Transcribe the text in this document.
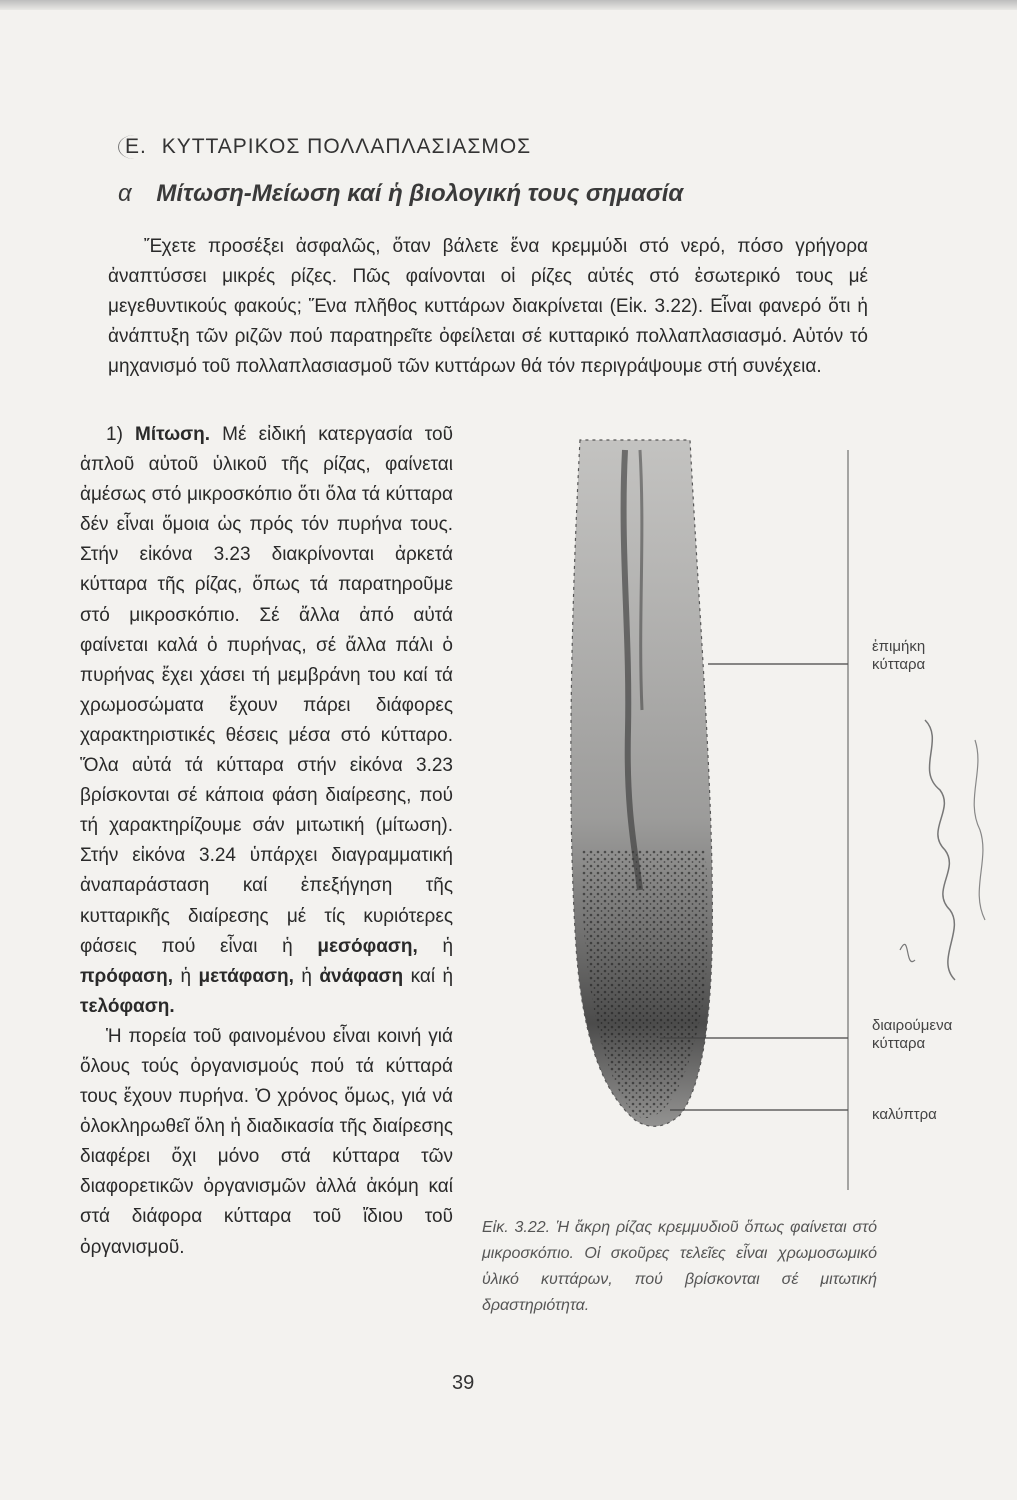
Ε. ΚΥΤΤΑΡΙΚΟΣ ΠΟΛΛΑΠΛΑΣΙΑΣΜΟΣ
α Μίτωση-Μείωση καί ἡ βιολογική τους σημασία
Ἔχετε προσέξει ἀσφαλῶς, ὅταν βάλετε ἕνα κρεμμύδι στό νερό, πόσο γρήγορα ἀναπτύσσει μικρές ρίζες. Πῶς φαίνονται οἱ ρίζες αὐτές στό ἐσωτερικό τους μέ μεγεθυντικούς φακούς; Ἕνα πλῆθος κυττάρων διακρίνεται (Εἰκ. 3.22). Εἶναι φανερό ὅτι ἡ ἀνάπτυξη τῶν ριζῶν πού παρατηρεῖτε ὀφείλεται σέ κυτταρικό πολλαπλασιασμό. Αὐτόν τό μηχανισμό τοῦ πολλαπλασιασμοῦ τῶν κυττάρων θά τόν περιγράψουμε στή συνέχεια.

1) Μίτωση. Μέ εἰδική κατεργασία τοῦ ἁπλοῦ αὐτοῦ ὑλικοῦ τῆς ρίζας, φαίνεται ἀμέσως στό μικροσκόπιο ὅτι ὅλα τά κύτταρα δέν εἶναι ὅμοια ὡς πρός τόν πυρήνα τους. Στήν εἰκόνα 3.23 διακρίνονται ἀρκετά κύτταρα τῆς ρίζας, ὅπως τά παρατηροῦμε στό μικροσκόπιο. Σέ ἄλλα ἀπό αὐτά φαίνεται καλά ὁ πυρήνας, σέ ἄλλα πάλι ὁ πυρήνας ἔχει χάσει τή μεμβράνη του καί τά χρωμοσώματα ἔχουν πάρει διάφορες χαρακτηριστικές θέσεις μέσα στό κύτταρο. Ὅλα αὐτά τά κύτταρα στήν εἰκόνα 3.23 βρίσκονται σέ κάποια φάση διαίρεσης, πού τή χαρακτηρίζουμε σάν μιτωτική (μίτωση). Στήν εἰκόνα 3.24 ὑπάρχει διαγραμματική ἀναπαράσταση καί ἐπεξήγηση τῆς κυτταρικῆς διαίρεσης μέ τίς κυριότερες φάσεις πού εἶναι ἡ μεσόφαση, ἡ πρόφαση, ἡ μετάφαση, ἡ ἀνάφαση καί ἡ τελόφαση.

Ἡ πορεία τοῦ φαινομένου εἶναι κοινή γιά ὅλους τούς ὀργανισμούς πού τά κύτταρά τους ἔχουν πυρήνα. Ὁ χρόνος ὅμως, γιά νά ὁλοκληρωθεῖ ὅλη ἡ διαδικασία τῆς διαίρεσης διαφέρει ὄχι μόνο στά κύτταρα τῶν διαφορετικῶν ὀργανισμῶν ἀλλά ἀκόμη καί στά διάφορα κύτταρα τοῦ ἴδιου τοῦ ὀργανισμοῦ.

ἐπιμήκη
κύτταρα
διαιρούμενα
κύτταρα
καλύπτρα
Εἰκ. 3.22. Ἡ ἄκρη ρίζας κρεμμυδιοῦ ὅπως φαίνεται στό μικροσκόπιο. Οἱ σκοῦρες τελεῖες εἶναι χρωμοσωμικό ὑλικό κυττάρων, πού βρίσκονται σέ μιτωτική δραστηριότητα.
39
